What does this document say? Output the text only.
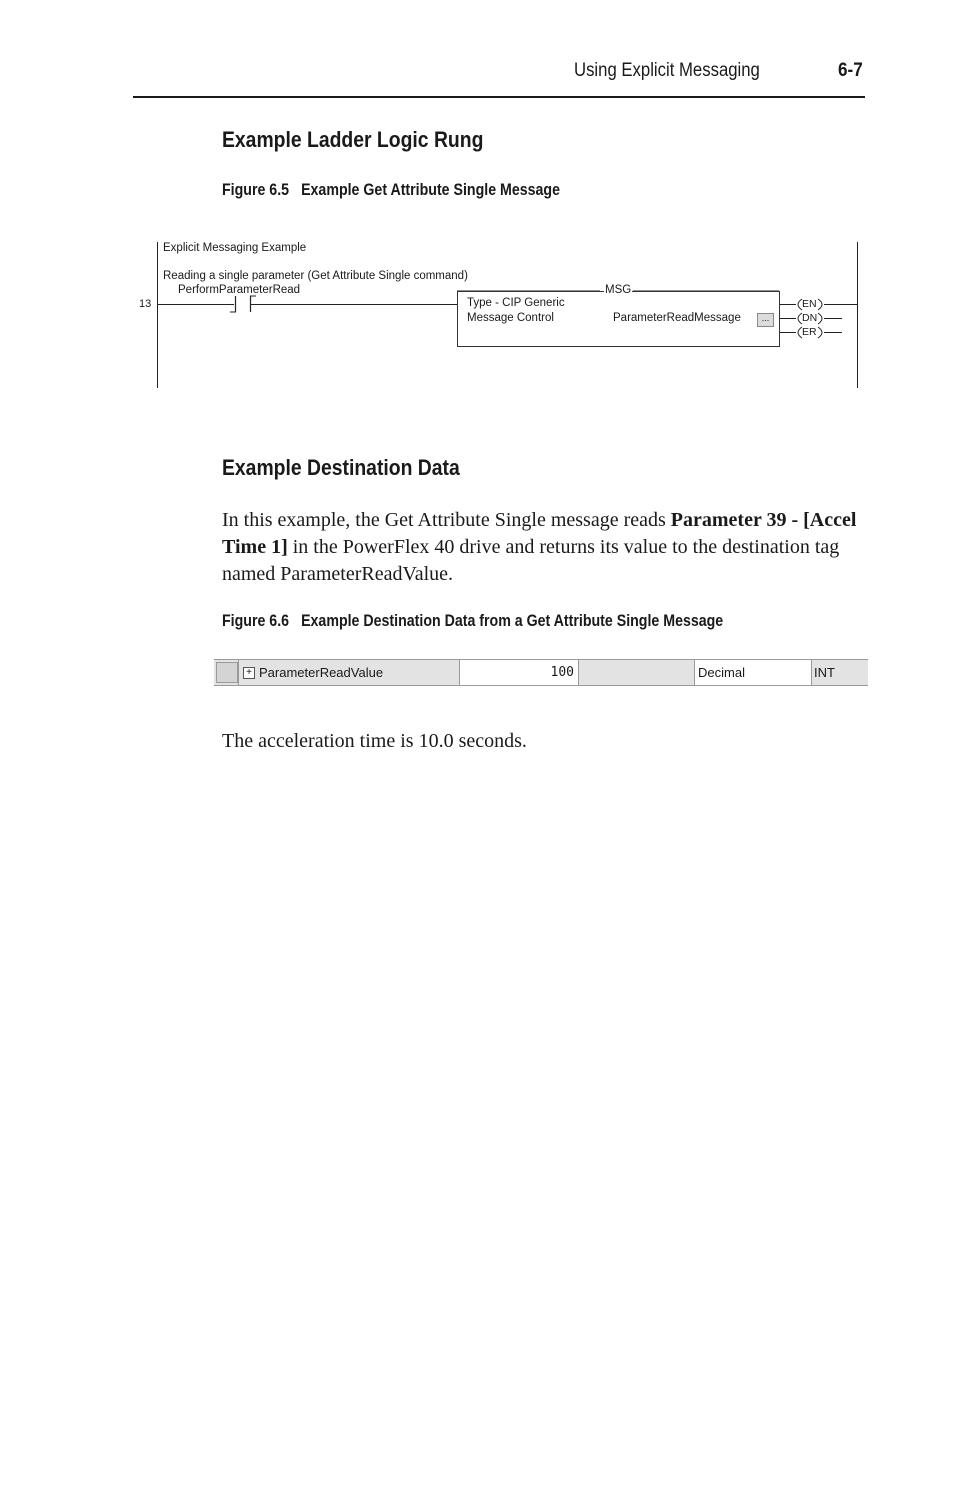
Using Explicit Messaging	6-7
Example Ladder Logic Rung
Figure 6.5 Example Get Attribute Single Message
Explicit Messaging Example
Reading a single parameter (Get Attribute Single command)
PerformParameterRead
13
MSG
Type - CIP Generic
Message Control	ParameterReadMessage	...
EN
DN
ER
Example Destination Data
In this example, the Get Attribute Single message reads Parameter 39 - [Accel Time 1] in the PowerFlex 40 drive and returns its value to the destination tag named ParameterReadValue.
Figure 6.6 Example Destination Data from a Get Attribute Single Message
+ ParameterReadValue	100	Decimal	INT
The acceleration time is 10.0 seconds.
